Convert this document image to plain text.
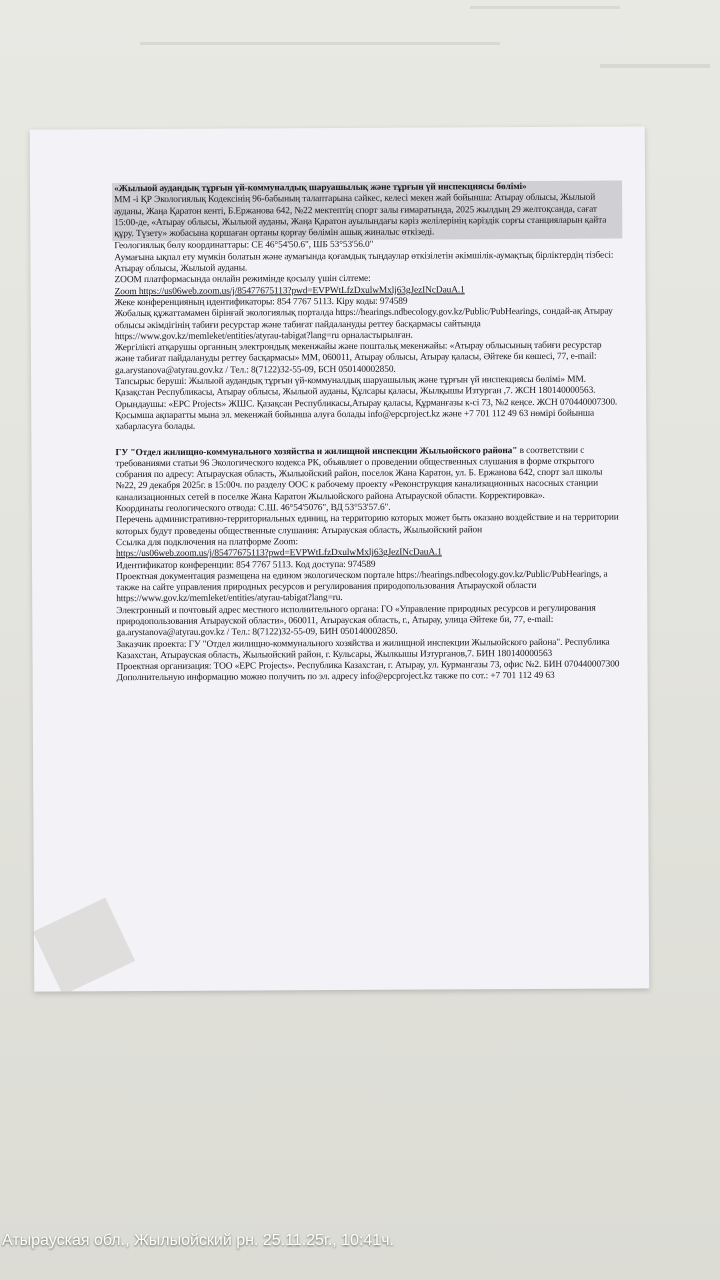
«Жылыой аудандық тұрғын үй-коммуналдық шаруашылық және тұрғын үй инспекциясы бөлімі»

ММ -і ҚР Экологиялық Кодексінің 96-бабының талаптарына сәйкес, келесі мекен жай бойынша: Атырау облысы, Жылыой ауданы, Жаңа Қаратон кенті, Б.Ержанова 642, №22 мектептің спорт залы ғимаратында, 2025 жылдың 29 желтоқсанда, сағат 15:00-де, «Атырау облысы, Жылыой ауданы, Жаңа Қаратон ауылындағы кәріз желілерінің кәріздік сорғы станцияларын қайта құру. Түзету» жобасына қоршаған ортаны қорғау бөлімін ашық жиналыс өткізеді.

Геологиялық бөлу координаттары: СЕ 46°54'50.6", ШБ 53°53'56.0"

Аумағына ықпал ету мүмкін болатын және аумағында қоғамдық тыңдаулар өткізілетін әкімшілік-аумақтық бірліктердің тізбесі: Атырау облысы, Жылыой ауданы.

ZOOM платформасында онлайн режимінде қосылу үшін сілтеме:

Zoom https://us06web.zoom.us/j/85477675113?pwd=EVPWtLfzDxulwMxlj63gJezINcDauA.1

Жеке конференцияның идентификаторы: 854 7767 5113. Кіру коды: 974589

Жобалық құжаттамамен бірінғай экологиялық порталда https://hearings.ndbecology.gov.kz/Public/PubHearings, сондай-ақ Атырау облысы әкімдігінің табиғи ресурстар және табиғат пайдалануды реттеу басқармасы сайтында https://www.gov.kz/memleket/entities/atyrau-tabigat?lang=ru орналастырылған.

Жергілікті атқарушы органның электрондық мекенжайы және поштальқ мекенжайы: «Атырау облысының табиғи ресурстар және табиғат пайдалануды реттеу басқармасы» ММ, 060011, Атырау облысы, Атырау қаласы, Әйтеке би көшесі, 77, e-mail: ga.arystanova@atyrau.gov.kz / Тел.: 8(7122)32-55-09, БСН 050140002850.

Тапсырыс беруші: Жылыой аудандық тұрғын үй-коммуналдық шаруашылық және тұрғын үй инспекциясы бөлімі» ММ. Қазақстан Республикасы, Атырау облысы, Жылыой ауданы, Құлсары қаласы, Жылқышы Изтурган ,7. ЖСН 180140000563.

Орындаушы: «EPC Projects» ЖШС. Қазақсан Республикасы,Атырау қаласы, Құрманғазы к-сі 73, №2 кеңсе. ЖСН 070440007300.

Қосымша ақпаратты мына эл. мекенжай бойынша алуға болады info@epcproject.kz және +7 701 112 49 63 нөмірі бойынша хабарласуға болады.

ГУ "Отдел жилищно-коммунального хозяйства и жилищной инспекции Жылыойского района" в соответствии с требованиями статьи 96 Экологического кодекса РК, объявляет о проведении общественных слушания в форме открытого собрания по адресу: Атырауская область, Жылыойский район, поселок Жана Каратон, ул. Б. Ержанова 642, спорт зал школы №22, 29 декабря 2025г. в 15:00ч. по разделу ООС к рабочему проекту «Реконструкция канализационных насосных станции канализационных сетей в поселке Жана Каратон Жылыойского района Атырауской области. Корректировка».

Координаты геологического отвода: С.Ш. 46°54'5076", ВД 53°53'57.6".

Перечень административно-территориальных единиц, на территорию которых может быть оказано воздействие и на территории которых будут проведены общественные слушания: Атырауская область, Жылыойский район

Ссылка для подключения на платформе Zoom:

https://us06web.zoom.us/j/85477675113?pwd=EVPWtLfzDxulwMxlj63gJezINcDauA.1

Идентификатор конференции: 854 7767 5113. Код доступа: 974589

Проектная документация размещена на едином экологическом портале https://hearings.ndbecology.gov.kz/Public/PubHearings, а также на сайте управления природных ресурсов и регулирования природопользования Атырауской области https://www.gov.kz/memleket/entities/atyrau-tabigat?lang=ru.

Электронный и почтовый адрес местного исполнительного органа: ГО «Управление природных ресурсов и регулирования природопользования Атырауской области», 060011, Атырауская область, г., Атырау, улица Әйтеке би, 77, e-mail: ga.arystanova@atyrau.gov.kz / Тел.: 8(7122)32-55-09, БИН 050140002850.

Заказчик проекта: ГУ "Отдел жилищно-коммунального хозяйства и жилищной инспекции Жылыойского района". Республика Казахстан, Атырауская область, Жылыойский район, г. Кульсары, Жылкышы Изтурганов,7. БИН 180140000563

Проектная организация: ТОО «EPC Projects». Республика Казахстан, г. Атырау, ул. Курмангазы 73, офис №2. БИН 070440007300

Дополнительную информацию можно получить по эл. адресу info@epcproject.kz также по сот.: +7 701 112 49 63

Атырауская обл., Жылыойский рн. 25.11.25г., 10:41ч.
